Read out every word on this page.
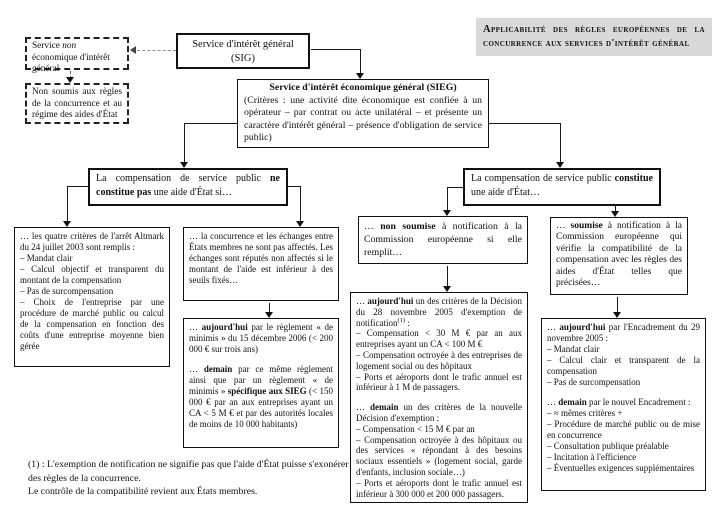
Applicabilité des règles européennes de la concurrence aux services d'intérêt général
Service non économique d'intérêt général
Non soumis aux règles de la concurrence et au régime des aides d'État
Service d'intérêt général
(SIG)
Service d'intérêt économique général (SIEG)
(Critères : une activité dite économique est confiée à un opérateur – par contrat ou acte unilatéral – et présente un caractère d'intérêt général – présence d'obligation de service public)
La compensation de service public ne constitue pas une aide d'État si…
La compensation de service public constitue une aide d'État…
… les quatre critères de l'arrêt Altmark du 24 juillet 2003 sont remplis :
– Mandat clair
– Calcul objectif et transparent du montant de la compensation
– Pas de surcompensation
– Choix de l'entreprise par une procédure de marché public ou calcul de la compensation en fonction des coûts d'une entreprise moyenne bien gérée
… la concurrence et les échanges entre États membres ne sont pas affectés. Les échanges sont réputés non affectés si le montant de l'aide est inférieur à des seuils fixés…
… aujourd'hui par le règlement « de minimis » du 15 décembre 2006 (< 200 000 € sur trois ans)
… demain par ce même règlement ainsi que par un règlement « de minimis » spécifique aux SIEG (< 150 000 € par an aux entreprises ayant un CA < 5 M € et par des autorités locales de moins de 10 000 habitants)
… non soumise à notification à la Commission européenne si elle remplit…
… aujourd'hui un des critères de la Décision du 28 novembre 2005 d'exemption de notification$^{(1)}$ :
– Compensation < 30 M € par an aux entreprises ayant un CA < 100 M €
– Compensation octroyée à des entreprises de logement social ou des hôpitaux
– Ports et aéroports dont le trafic annuel est inférieur à 1 M de passagers.
… demain un des critères de la nouvelle Décision d'exemption :
– Compensation < 15 M € par an
– Compensation octroyée à des hôpitaux ou des services « répondant à des besoins sociaux essentiels » (logement social, garde d'enfants, inclusion sociale…)
– Ports et aéroports dont le trafic annuel est inférieur à 300 000 et 200 000 passagers.
… soumise à notification à la Commission européenne qui vérifie la compatibilité de la compensation avec les règles des aides d'État telles que précisées…
… aujourd'hui par l'Encadrement du 29 novembre 2005 :
– Mandat clair
– Calcul clair et transparent de la compensation
– Pas de surcompensation
… demain par le nouvel Encadrement :
– ≈ mêmes critères +
– Procédure de marché public ou de mise en concurrence
– Consultation publique préalable
– Incitation à l'efficience
– Éventuelles exigences supplémentaires
(1) : L'exemption de notification ne signifie pas que l'aide d'État puisse s'exonérer des règles de la concurrence.
Le contrôle de la compatibilité revient aux États membres.
